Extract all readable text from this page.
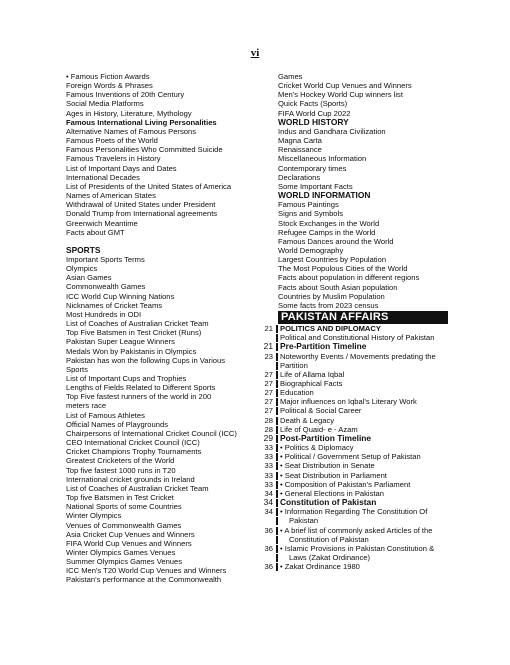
vi
• Famous Fiction Awards
Foreign Words & Phrases
Famous Inventions of 20th Century
Social Media Platforms
Ages in History, Literature, Mythology
Famous International Living Personalities
Alternative Names of Famous Persons
Famous Poets of the World
Famous Personalities Who Committed Suicide
Famous Travelers in History
List of Important Days and Dates
International Decades
List of Presidents of the United States of America
Names of American States
Withdrawal of United States under President
Donald Trump from International agreements
Greenwich Meantime
Facts about GMT
SPORTS
Important Sports Terms
Olympics
Asian Games
Commonwealth Games
ICC World Cup Winning Nations
Nicknames of Cricket Teams
Most Hundreds in ODI
List of Coaches of Australian Cricket Team
Top Five Batsmen in Test Cricket (Runs)
Pakistan Super League Winners
Medals Won by Pakistanis in Olympics
Pakistan has won the following Cups in Various
Sports
List of Important Cups and Trophies
Lengths of Fields Related to Different Sports
Top Five fastest runners of the world in 200
meters race
List of Famous Athletes
Official Names of Playgrounds
Chairpersons of International Cricket Council (ICC)
CEO International Cricket Council (ICC)
Cricket Champions Trophy Tournaments
Greatest Cricketers of the World
Top five fastest 1000 runs in T20
International cricket grounds in Ireland
List of Coaches of Australian Cricket Team
Top five Batsmen in Test Cricket
National Sports of some Countries
Winter Olympics
Venues of Commonwealth Games
Asia Cricket Cup Venues and Winners
FIFA World Cup Venues and Winners
Winter Olympics Games Venues
Summer Olympics Games Venues
ICC Men's T20 World Cup Venues and Winners
Pakistan's performance at the Commonwealth
Games
Cricket World Cup Venues and Winners
Men's Hockey World Cup winners list
Quick Facts (Sports)
FIFA World Cup 2022
WORLD HISTORY
Indus and Gandhara Civilization
Magna Carta
Renaissance
Miscellaneous Information
Contemporary times
Declarations
Some Important Facts
WORLD INFORMATION
Famous Paintings
Signs and Symbols
Stock Exchanges in the World
Refugee Camps in the World
Famous Dances around the World
World Demography
Largest Countries by Population
The Most Populous Cities of the World
Facts about population in different regions
Facts about South Asian population
Countries by Muslim Population
Some facts from 2023 census
PAKISTAN AFFAIRS
21 POLITICS AND DIPLOMACY
Political and Constitutional History of Pakistan
21 Pre-Partition Timeline
23 Noteworthy Events / Movements predating the
Partition
27 Life of Allama Iqbal
27 Biographical Facts
27 Education
27 Major influences on Iqbal's Literary Work
27 Political & Social Career
28 Death & Legacy
28 Life of Quaid- e - Azam
29 Post-Partition Timeline
33 • Politics & Diplomacy
33 • Political / Government Setup of Pakistan
33 • Seat Distribution in Senate
33 • Seat Distribution in Parliament
33 • Composition of Pakistan's Parliament
34 • General Elections in Pakistan
34 Constitution of Pakistan
34 • Information Regarding The Constitution Of
Pakistan
36 • A brief list of commonly asked Articles of the
Constitution of Pakistan
36 • Islamic Provisions in Pakistan Constitution &
Laws (Zakat Ordinance)
36 • Zakat Ordinance 1980
